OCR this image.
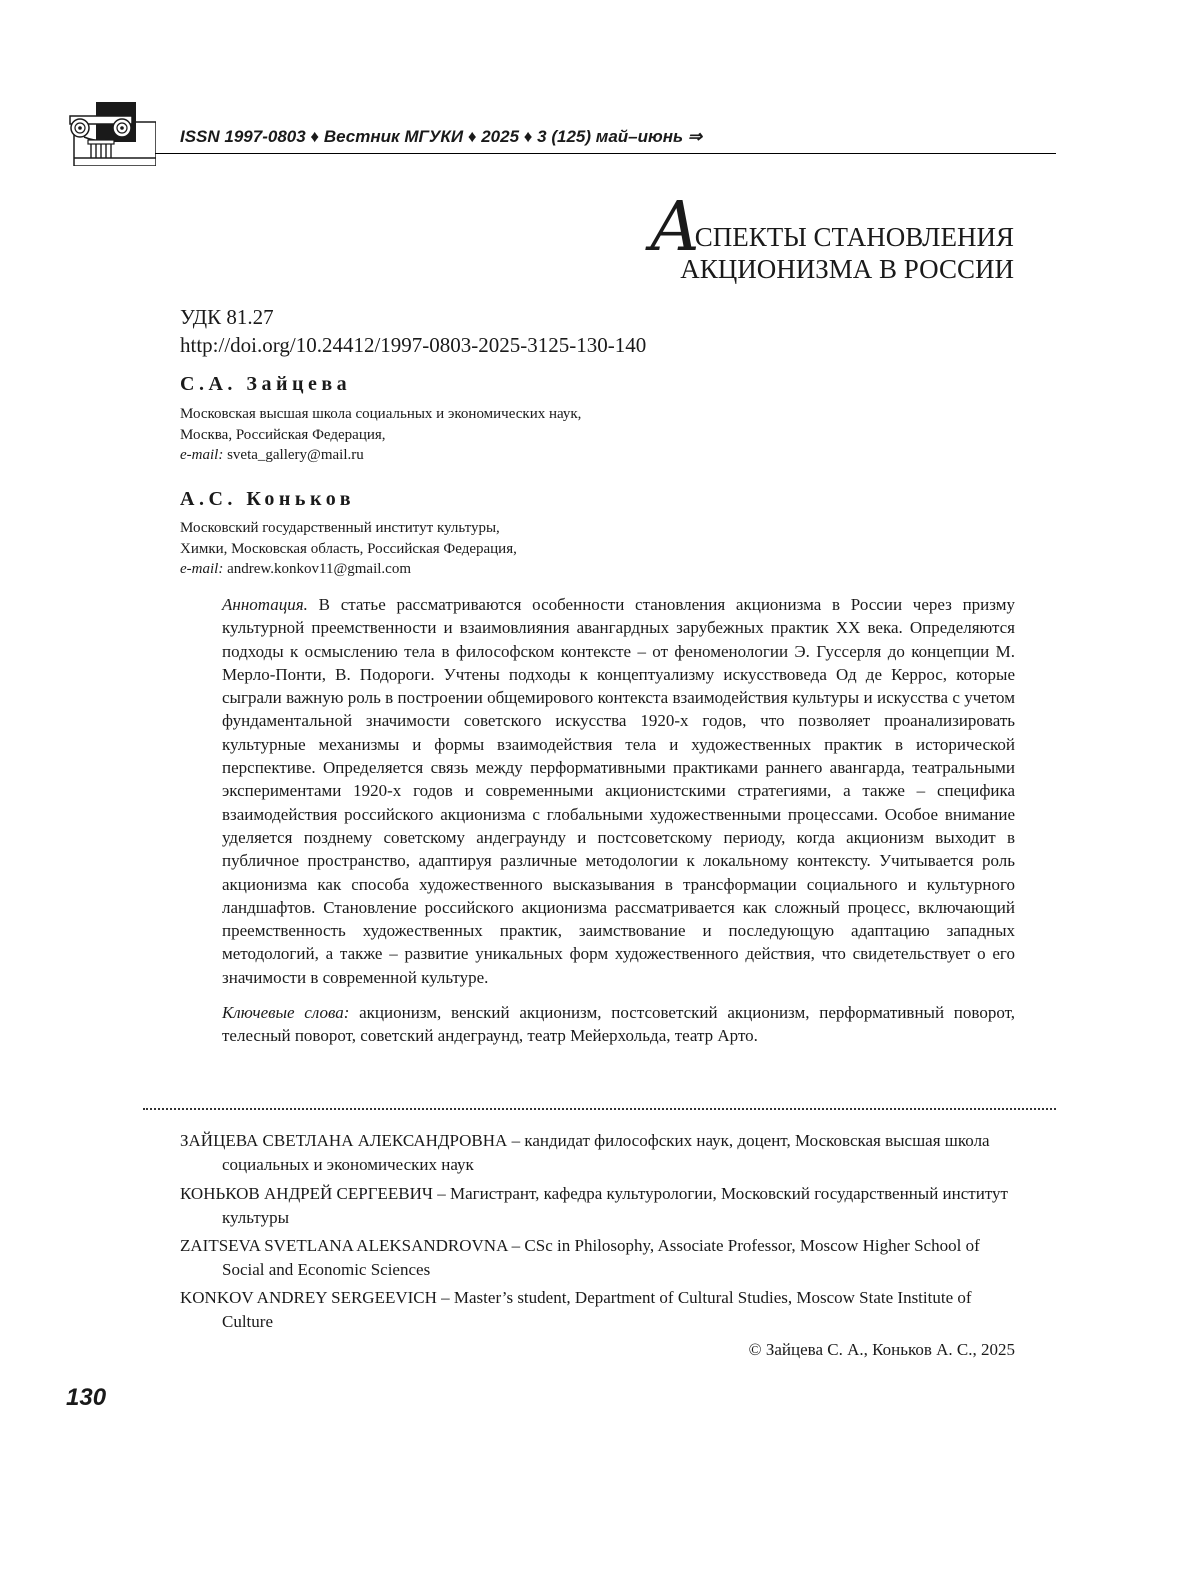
ISSN 1997-0803 ♦ Вестник МГУКИ ♦ 2025 ♦ 3 (125) май–июнь ⇒
АСПЕКТЫ СТАНОВЛЕНИЯ
АКЦИОНИЗМА В РОССИИ
УДК 81.27
http://doi.org/10.24412/1997-0803-2025-3125-130-140
С.А. Зайцева
Московская высшая школа социальных и экономических наук,
Москва, Российская Федерация,
e-mail: sveta_gallery@mail.ru
А.С. Коньков
Московский государственный институт культуры,
Химки, Московская область, Российская Федерация,
e-mail: andrew.konkov11@gmail.com
Аннотация. В статье рассматриваются особенности становления акционизма в России через призму культурной преемственности и взаимовлияния авангардных зарубежных практик XX века. Определяются подходы к осмыслению тела в философском контексте – от феноменологии Э. Гуссерля до концепции М. Мерло-Понти, В. Подороги. Учтены подходы к концептуализму искусствоведа Од де Керрос, которые сыграли важную роль в построении общемирового контекста взаимодействия культуры и искусства с учетом фундаментальной значимости советского искусства 1920-х годов, что позволяет проанализировать культурные механизмы и формы взаимодействия тела и художественных практик в исторической перспективе. Определяется связь между перформативными практиками раннего авангарда, театральными экспериментами 1920-х годов и современными акционистскими стратегиями, а также – специфика взаимодействия российского акционизма с глобальными художественными процессами. Особое внимание уделяется позднему советскому андеграунду и постсоветскому периоду, когда акционизм выходит в публичное пространство, адаптируя различные методологии к локальному контексту. Учитывается роль акционизма как способа художественного высказывания в трансформации социального и культурного ландшафтов. Становление российского акционизма рассматривается как сложный процесс, включающий преемственность художественных практик, заимствование и последующую адаптацию западных методологий, а также – развитие уникальных форм художественного действия, что свидетельствует о его значимости в современной культуре.
Ключевые слова: акционизм, венский акционизм, постсоветский акционизм, перформативный поворот, телесный поворот, советский андеграунд, театр Мейерхольда, театр Арто.
ЗАЙЦЕВА СВЕТЛАНА АЛЕКСАНДРОВНА – кандидат философских наук, доцент, Московская высшая школа социальных и экономических наук
КОНЬКОВ АНДРЕЙ СЕРГЕЕВИЧ – Магистрант, кафедра культурологии, Московский государственный институт культуры
ZAITSEVA SVETLANA ALEKSANDROVNA – CSc in Philosophy, Associate Professor, Moscow Higher School of Social and Economic Sciences
KONKOV ANDREY SERGEEVICH – Master’s student, Department of Cultural Studies, Moscow State Institute of Culture
© Зайцева С. А., Коньков А. С., 2025
130
